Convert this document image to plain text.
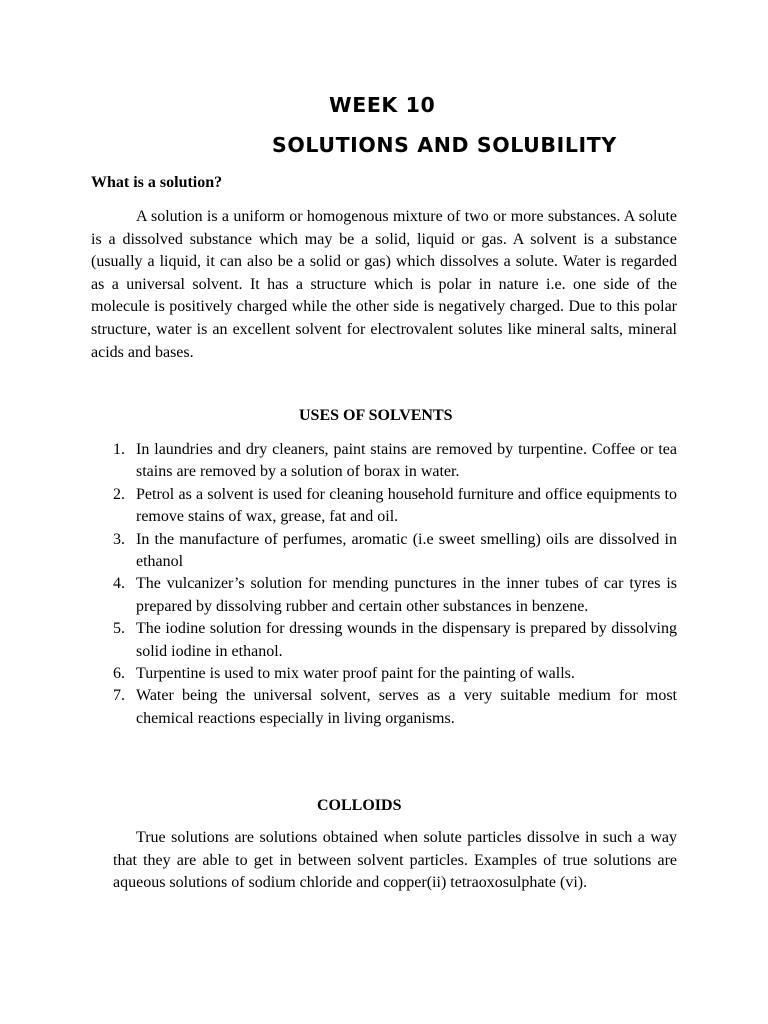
WEEK 10
SOLUTIONS AND SOLUBILITY

What is a solution?

A solution is a uniform or homogenous mixture of two or more substances. A solute is a dissolved substance which may be a solid, liquid or gas. A solvent is a substance (usually a liquid, it can also be a solid or gas) which dissolves a solute. Water is regarded as a universal solvent. It has a structure which is polar in nature i.e. one side of the molecule is positively charged while the other side is negatively charged. Due to this polar structure, water is an excellent solvent for electrovalent solutes like mineral salts, mineral acids and bases.

USES OF SOLVENTS

1. In laundries and dry cleaners, paint stains are removed by turpentine. Coffee or tea stains are removed by a solution of borax in water.
2. Petrol as a solvent is used for cleaning household furniture and office equipments to remove stains of wax, grease, fat and oil.
3. In the manufacture of perfumes, aromatic (i.e sweet smelling) oils are dissolved in ethanol
4. The vulcanizer’s solution for mending punctures in the inner tubes of car tyres is prepared by dissolving rubber and certain other substances in benzene.
5. The iodine solution for dressing wounds in the dispensary is prepared by dissolving solid iodine in ethanol.
6. Turpentine is used to mix water proof paint for the painting of walls.
7. Water being the universal solvent, serves as a very suitable medium for most chemical reactions especially in living organisms.

COLLOIDS

True solutions are solutions obtained when solute particles dissolve in such a way that they are able to get in between solvent particles. Examples of true solutions are aqueous solutions of sodium chloride and copper(ii) tetraoxosulphate (vi).
